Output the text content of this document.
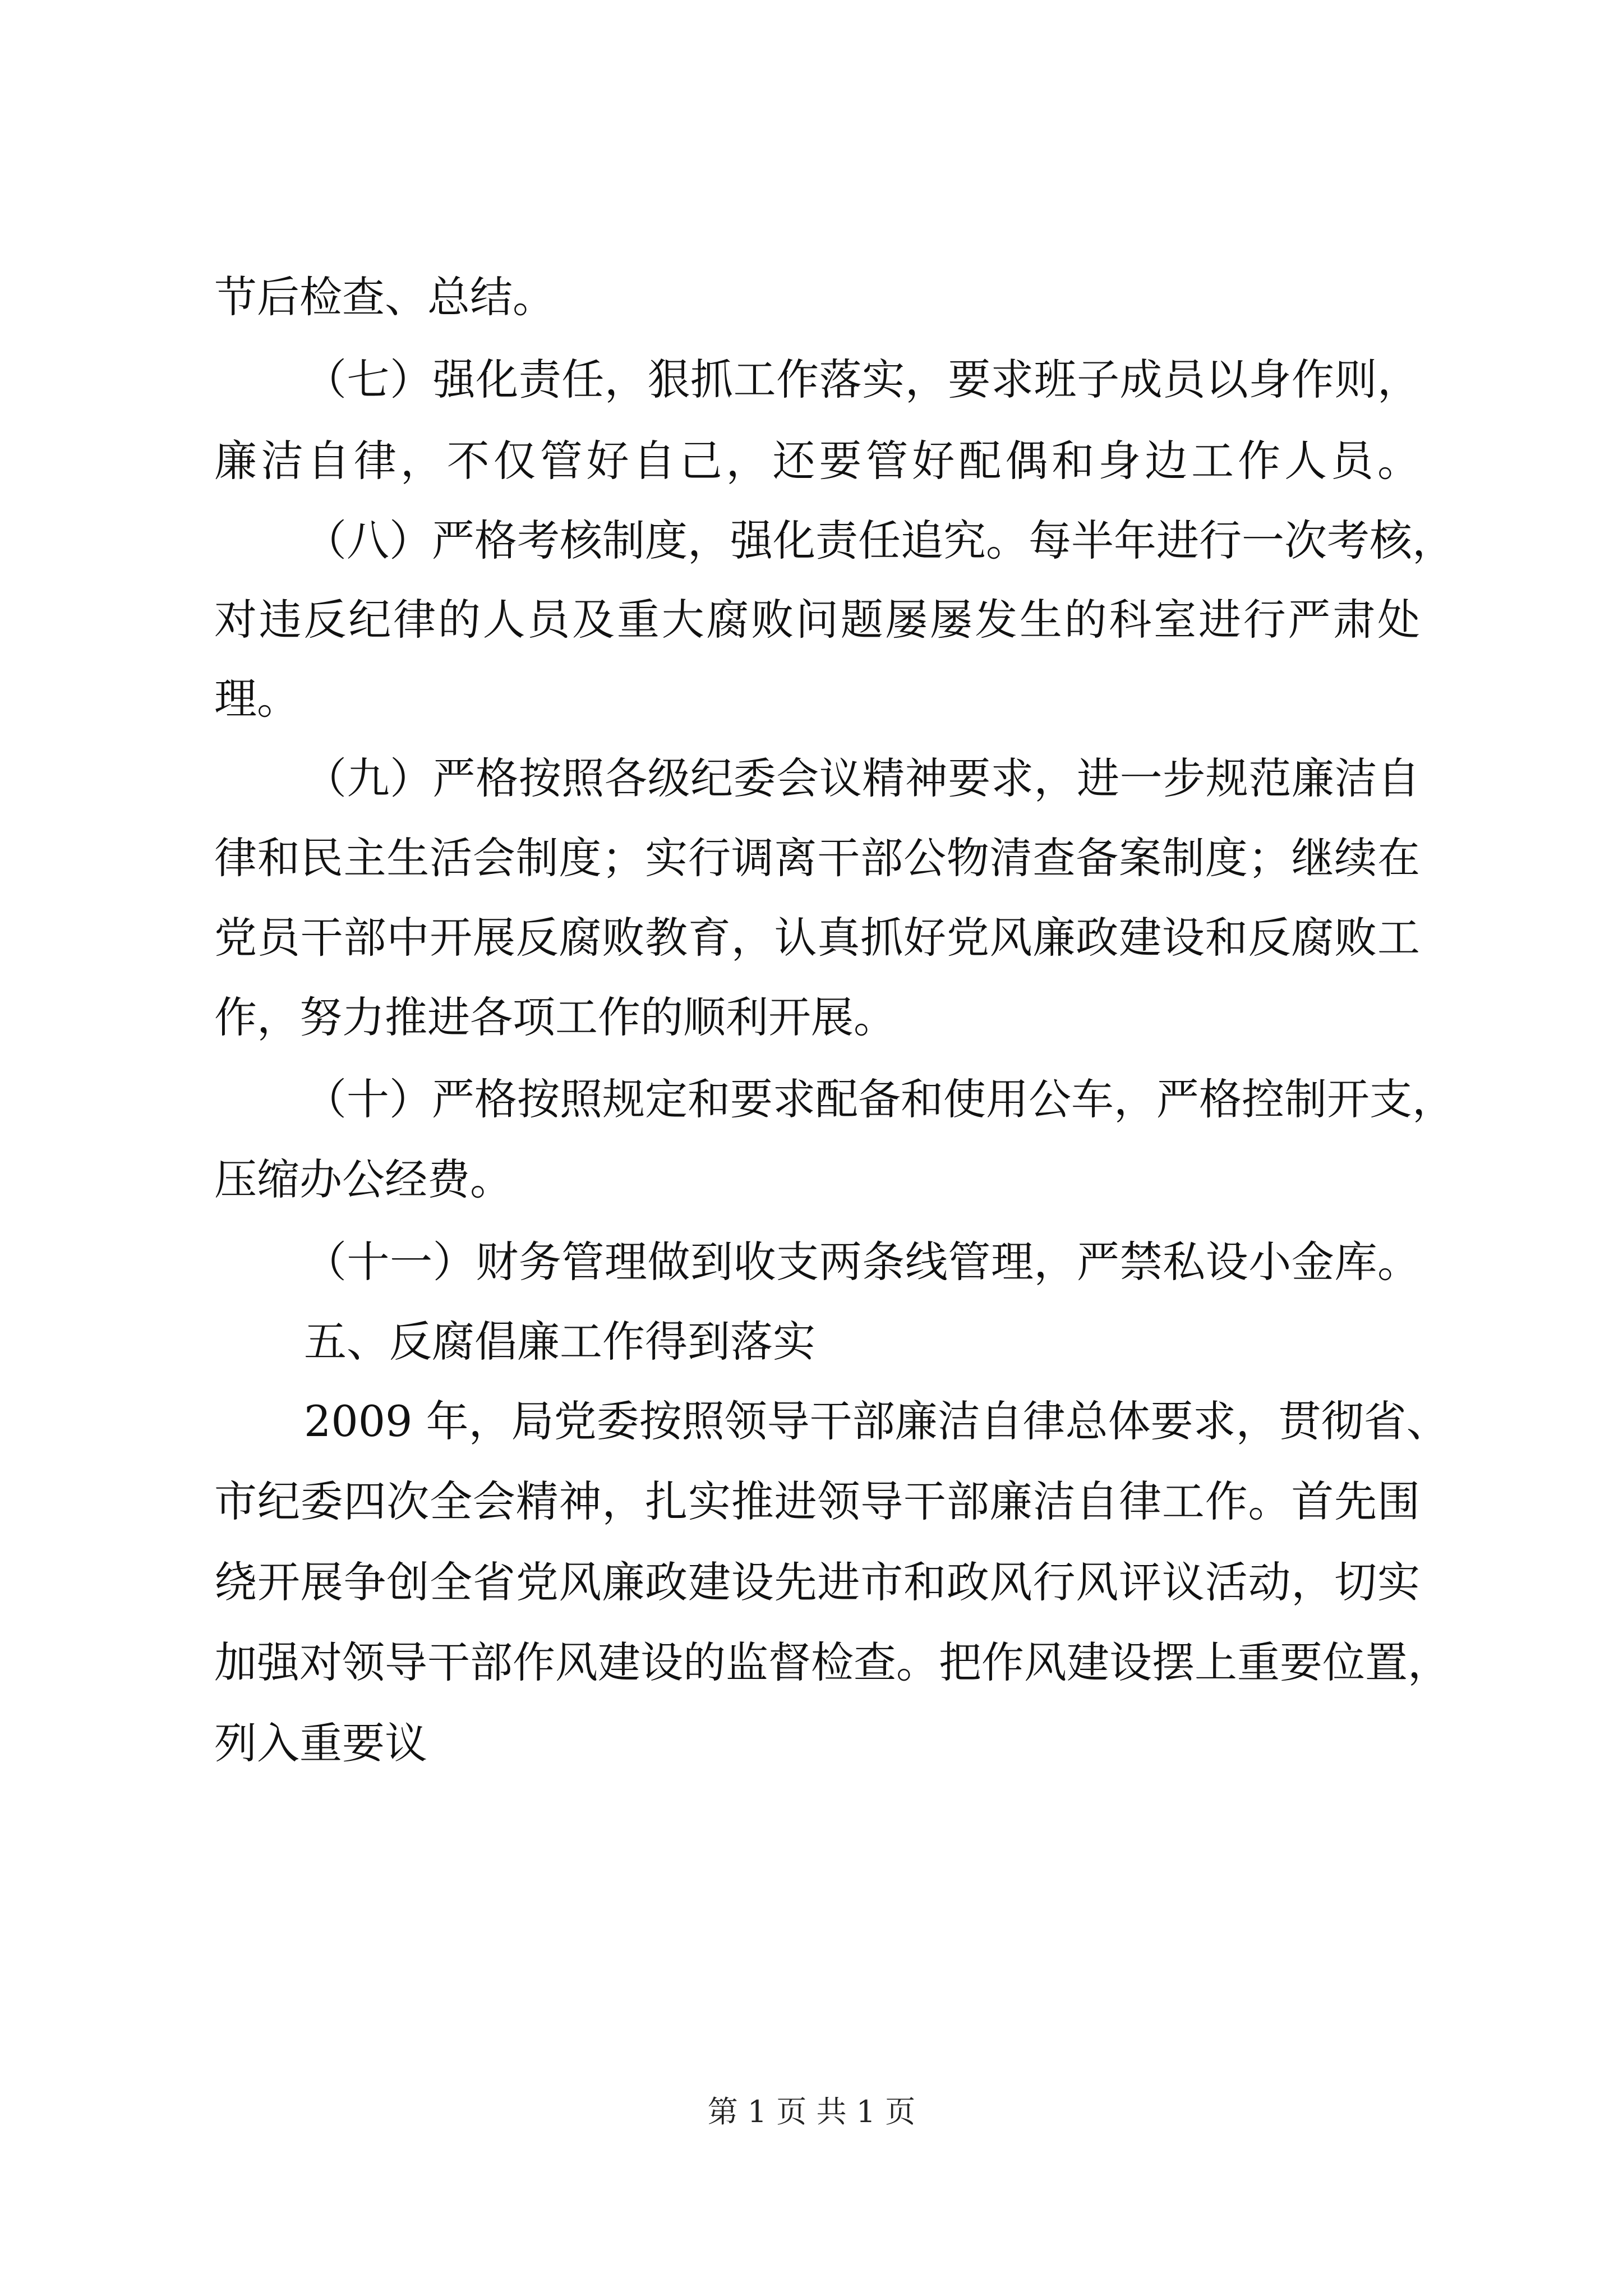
节后检查、总结。
（七）强化责任，狠抓工作落实，要求班子成员以身作则，
廉洁自律，不仅管好自己，还要管好配偶和身边工作人员。
（八）严格考核制度，强化责任追究。每半年进行一次考核，
对违反纪律的人员及重大腐败问题屡屡发生的科室进行严肃处
理。
（九）严格按照各级纪委会议精神要求，进一步规范廉洁自
律和民主生活会制度；实行调离干部公物清查备案制度；继续在
党员干部中开展反腐败教育，认真抓好党风廉政建设和反腐败工
作，努力推进各项工作的顺利开展。
（十）严格按照规定和要求配备和使用公车，严格控制开支，
压缩办公经费。
（十一）财务管理做到收支两条线管理，严禁私设小金库。
五、反腐倡廉工作得到落实
2009 年，局党委按照领导干部廉洁自律总体要求，贯彻省、
市纪委四次全会精神，扎实推进领导干部廉洁自律工作。首先围
绕开展争创全省党风廉政建设先进市和政风行风评议活动，切实
加强对领导干部作风建设的监督检查。把作风建设摆上重要位置，
列入重要议
第 1 页 共 1 页
